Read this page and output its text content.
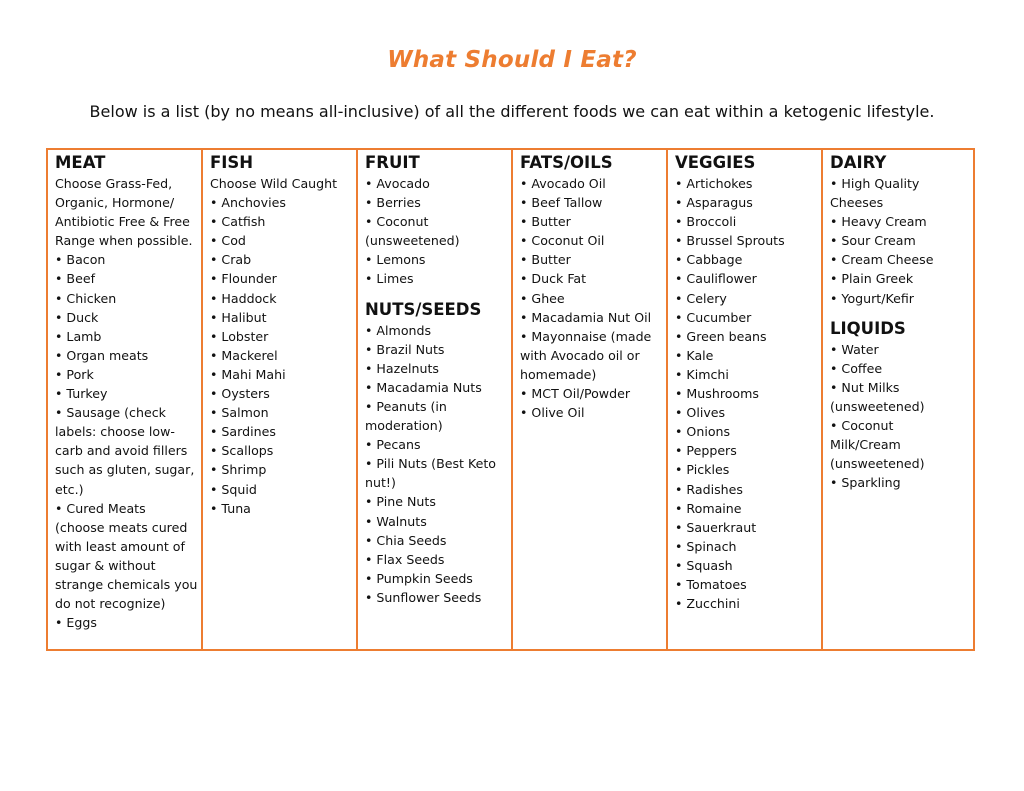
What Should I Eat?
Below is a list (by no means all-inclusive) of all the different foods we can eat within a ketogenic lifestyle.
MEAT
Choose Grass-Fed,
Organic, Hormone/
Antibiotic Free & Free
Range when possible.
• Bacon
• Beef
• Chicken
• Duck
• Lamb
• Organ meats
• Pork
• Turkey
• Sausage (check
labels: choose low-
carb and avoid fillers
such as gluten, sugar,
etc.)
• Cured Meats
(choose meats cured
with least amount of
sugar & without
strange chemicals you
do not recognize)
• Eggs
FISH
Choose Wild Caught
• Anchovies
• Catfish
• Cod
• Crab
• Flounder
• Haddock
• Halibut
• Lobster
• Mackerel
• Mahi Mahi
• Oysters
• Salmon
• Sardines
• Scallops
• Shrimp
• Squid
• Tuna
FRUIT
• Avocado
• Berries
• Coconut
(unsweetened)
• Lemons
• Limes
NUTS/SEEDS
• Almonds
• Brazil Nuts
• Hazelnuts
• Macadamia Nuts
• Peanuts (in
moderation)
• Pecans
• Pili Nuts (Best Keto
nut!)
• Pine Nuts
• Walnuts
• Chia Seeds
• Flax Seeds
• Pumpkin Seeds
• Sunflower Seeds
FATS/OILS
• Avocado Oil
• Beef Tallow
• Butter
• Coconut Oil
• Butter
• Duck Fat
• Ghee
• Macadamia Nut Oil
• Mayonnaise (made
with Avocado oil or
homemade)
• MCT Oil/Powder
• Olive Oil
VEGGIES
• Artichokes
• Asparagus
• Broccoli
• Brussel Sprouts
• Cabbage
• Cauliflower
• Celery
• Cucumber
• Green beans
• Kale
• Kimchi
• Mushrooms
• Olives
• Onions
• Peppers
• Pickles
• Radishes
• Romaine
• Sauerkraut
• Spinach
• Squash
• Tomatoes
• Zucchini
DAIRY
• High Quality
Cheeses
• Heavy Cream
• Sour Cream
• Cream Cheese
• Plain Greek
• Yogurt/Kefir
LIQUIDS
• Water
• Coffee
• Nut Milks
(unsweetened)
• Coconut
Milk/Cream
(unsweetened)
• Sparkling
